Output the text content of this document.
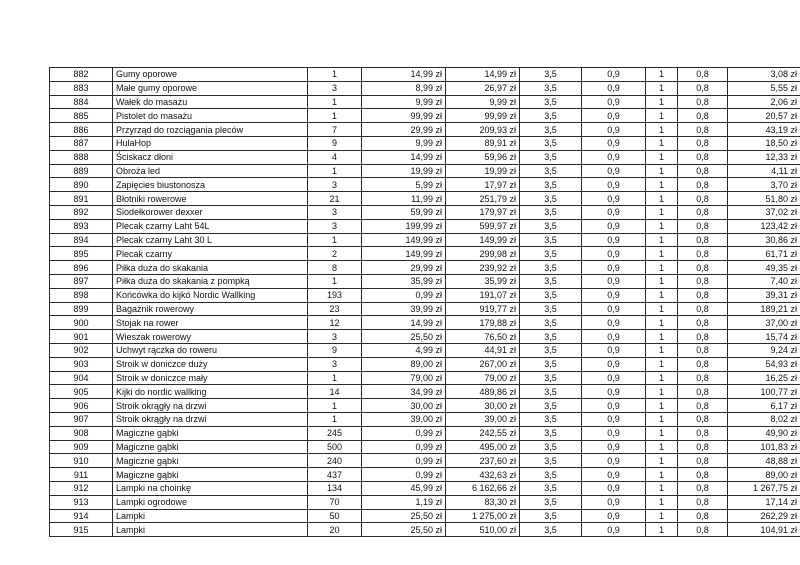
882	Gumy oporowe	1	14,99 zł	14,99 zł	3,5	0,9	1	0,8	3,08 zł
883	Małe gumy oporowe	3	8,99 zł	26,97 zł	3,5	0,9	1	0,8	5,55 zł
884	Wałek do masażu	1	9,99 zł	9,99 zł	3,5	0,9	1	0,8	2,06 zł
885	Pistolet do masażu	1	99,99 zł	99,99 zł	3,5	0,9	1	0,8	20,57 zł
886	Przyrząd do rozciągania pleców	7	29,99 zł	209,93 zł	3,5	0,9	1	0,8	43,19 zł
887	HulaHop	9	9,99 zł	89,91 zł	3,5	0,9	1	0,8	18,50 zł
888	Ściskacz dłoni	4	14,99 zł	59,96 zł	3,5	0,9	1	0,8	12,33 zł
889	Obroża led	1	19,99 zł	19,99 zł	3,5	0,9	1	0,8	4,11 zł
890	Zapięcies biustonosza	3	5,99 zł	17,97 zł	3,5	0,9	1	0,8	3,70 zł
891	Błotniki rowerowe	21	11,99 zł	251,79 zł	3,5	0,9	1	0,8	51,80 zł
892	Siodełkorower dexxer	3	59,99 zł	179,97 zł	3,5	0,9	1	0,8	37,02 zł
893	Plecak czarny Laht 54L	3	199,99 zł	599,97 zł	3,5	0,9	1	0,8	123,42 zł
894	Plecak czarny Laht 30 L	1	149,99 zł	149,99 zł	3,5	0,9	1	0,8	30,86 zł
895	Plecak czarny	2	149,99 zł	299,98 zł	3,5	0,9	1	0,8	61,71 zł
896	Piłka duża do skakania	8	29,99 zł	239,92 zł	3,5	0,9	1	0,8	49,35 zł
897	Piłka duża do skakania z pompką	1	35,99 zł	35,99 zł	3,5	0,9	1	0,8	7,40 zł
898	Końcówka do kijkó Nordic Wallking	193	0,99 zł	191,07 zł	3,5	0,9	1	0,8	39,31 zł
899	Bagażnik rowerowy	23	39,99 zł	919,77 zł	3,5	0,9	1	0,8	189,21 zł
900	Stojak na rower	12	14,99 zł	179,88 zł	3,5	0,9	1	0,8	37,00 zł
901	Wieszak rowerowy	3	25,50 zł	76,50 zł	3,5	0,9	1	0,8	15,74 zł
902	Uchwyt rączka do roweru	9	4,99 zł	44,91 zł	3,5	0,9	1	0,8	9,24 zł
903	Stroik w doniczce duży	3	89,00 zł	267,00 zł	3,5	0,9	1	0,8	54,93 zł
904	Stroik w doniczce mały	1	79,00 zł	79,00 zł	3,5	0,9	1	0,8	16,25 zł
905	Kijki do nordic wallking	14	34,99 zł	489,86 zł	3,5	0,9	1	0,8	100,77 zł
906	Stroik okrągły na drzwi	1	30,00 zł	30,00 zł	3,5	0,9	1	0,8	6,17 zł
907	Stroik okrągły na drzwi	1	39,00 zł	39,00 zł	3,5	0,9	1	0,8	8,02 zł
908	Magiczne gąbki	245	0,99 zł	242,55 zł	3,5	0,9	1	0,8	49,90 zł
909	Magiczne gąbki	500	0,99 zł	495,00 zł	3,5	0,9	1	0,8	101,83 zł
910	Magiczne gąbki	240	0,99 zł	237,60 zł	3,5	0,9	1	0,8	48,88 zł
911	Magiczne gąbki	437	0,99 zł	432,63 zł	3,5	0,9	1	0,8	89,00 zł
912	Lampki na choinkę	134	45,99 zł	6 162,66 zł	3,5	0,9	1	0,8	1 267,75 zł
913	Lampki ogrodowe	70	1,19 zł	83,30 zł	3,5	0,9	1	0,8	17,14 zł
914	Lampki	50	25,50 zł	1 275,00 zł	3,5	0,9	1	0,8	262,29 zł
915	Lampki	20	25,50 zł	510,00 zł	3,5	0,9	1	0,8	104,91 zł
